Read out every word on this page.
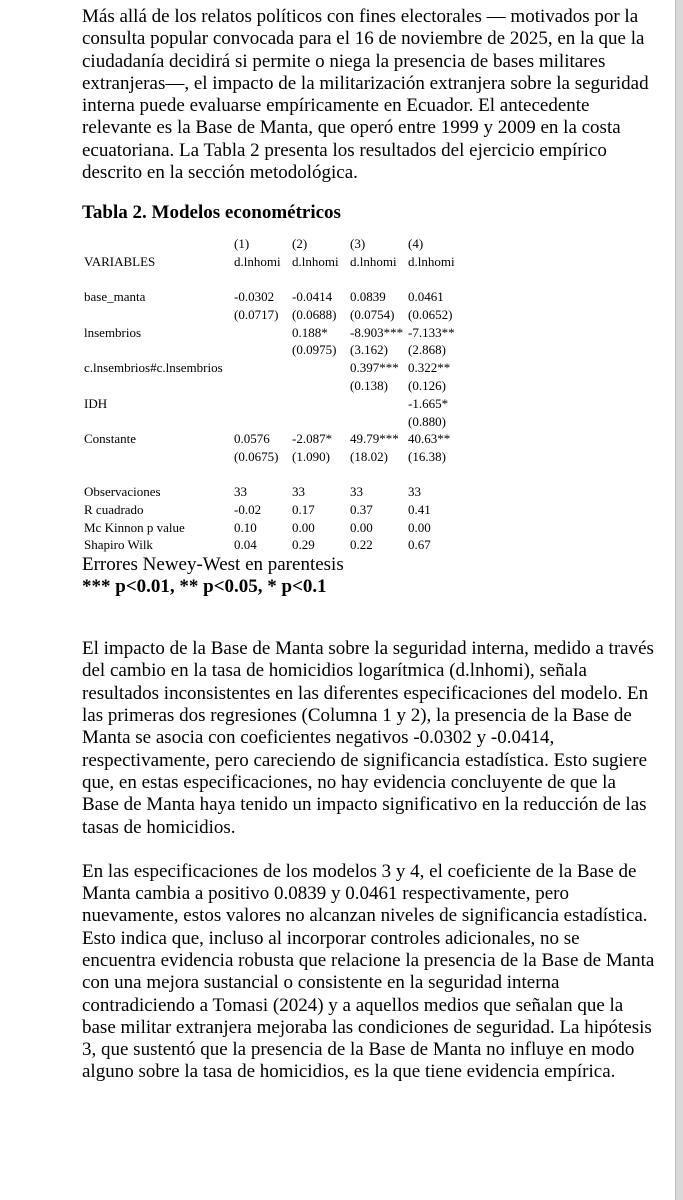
Más allá de los relatos políticos con fines electorales — motivados por la consulta popular convocada para el 16 de noviembre de 2025, en la que la ciudadanía decidirá si permite o niega la presencia de bases militares extranjeras—, el impacto de la militarización extranjera sobre la seguridad interna puede evaluarse empíricamente en Ecuador. El antecedente relevante es la Base de Manta, que operó entre 1999 y 2009 en la costa ecuatoriana. La Tabla 2 presenta los resultados del ejercicio empírico descrito en la sección metodológica.

Tabla 2. Modelos econométricos
	(1)	(2)	(3)	(4)
VARIABLES	d.lnhomi	d.lnhomi	d.lnhomi	d.lnhomi

base_manta	-0.0302	-0.0414	0.0839	0.0461
	(0.0717)	(0.0688)	(0.0754)	(0.0652)
lnsembrios		0.188*	-8.903***	-7.133**
		(0.0975)	(3.162)	(2.868)
c.lnsembrios#c.lnsembrios			0.397***	0.322**
			(0.138)	(0.126)
IDH				-1.665*
				(0.880)
Constante	0.0576	-2.087*	49.79***	40.63**
	(0.0675)	(1.090)	(18.02)	(16.38)

Observaciones	33	33	33	33
R cuadrado	-0.02	0.17	0.37	0.41
Mc Kinnon p value	0.10	0.00	0.00	0.00
Shapiro Wilk	0.04	0.29	0.22	0.67

Errores Newey-West en parentesis

*** p<0.01, ** p<0.05, * p<0.1

El impacto de la Base de Manta sobre la seguridad interna, medido a través del cambio en la tasa de homicidios logarítmica (d.lnhomi), señala resultados inconsistentes en las diferentes especificaciones del modelo. En las primeras dos regresiones (Columna 1 y 2), la presencia de la Base de Manta se asocia con coeficientes negativos -0.0302 y -0.0414, respectivamente, pero careciendo de significancia estadística. Esto sugiere que, en estas especificaciones, no hay evidencia concluyente de que la Base de Manta haya tenido un impacto significativo en la reducción de las tasas de homicidios.

En las especificaciones de los modelos 3 y 4, el coeficiente de la Base de Manta cambia a positivo 0.0839 y 0.0461 respectivamente, pero nuevamente, estos valores no alcanzan niveles de significancia estadística. Esto indica que, incluso al incorporar controles adicionales, no se encuentra evidencia robusta que relacione la presencia de la Base de Manta con una mejora sustancial o consistente en la seguridad interna contradiciendo a Tomasi (2024) y a aquellos medios que señalan que la base militar extranjera mejoraba las condiciones de seguridad. La hipótesis 3, que sustentó que la presencia de la Base de Manta no influye en modo alguno sobre la tasa de homicidios, es la que tiene evidencia empírica.
